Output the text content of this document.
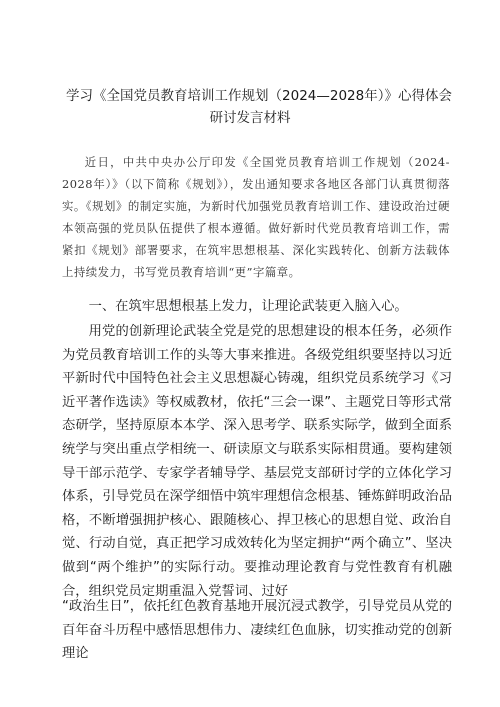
学习《全国党员教育培训工作规划（2024—2028年）》心得体会
研讨发言材料

近日，中共中央办公厅印发《全国党员教育培训工作规划（2024-2028年）》（以下简称《规划》），发出通知要求各地区各部门认真贯彻落实。《规划》的制定实施，为新时代加强党员教育培训工作、建设政治过硬本领高强的党员队伍提供了根本遵循。做好新时代党员教育培训工作，需紧扣《规划》部署要求，在筑牢思想根基、深化实践转化、创新方法载体上持续发力，书写党员教育培训“更”字篇章。

一、在筑牢思想根基上发力，让理论武装更入脑入心。

用党的创新理论武装全党是党的思想建设的根本任务，必须作为党员教育培训工作的头等大事来推进。各级党组织要坚持以习近平新时代中国特色社会主义思想凝心铸魂，组织党员系统学习《习近平著作选读》等权威教材，依托“三会一课”、主题党日等形式常态研学，坚持原原本本学、深入思考学、联系实际学，做到全面系统学与突出重点学相统一、研读原文与联系实际相贯通。要构建领导干部示范学、专家学者辅导学、基层党支部研讨学的立体化学习体系，引导党员在深学细悟中筑牢理想信念根基、锤炼鲜明政治品格，不断增强拥护核心、跟随核心、捍卫核心的思想自觉、政治自觉、行动自觉，真正把学习成效转化为坚定拥护“两个确立”、坚决做到“两个维护”的实际行动。要推动理论教育与党性教育有机融合，组织党员定期重温入党誓词、过好

“政治生日”，依托红色教育基地开展沉浸式教学，引导党员从党的百年奋斗历程中感悟思想伟力、凄续红色血脉，切实推动党的创新理论
